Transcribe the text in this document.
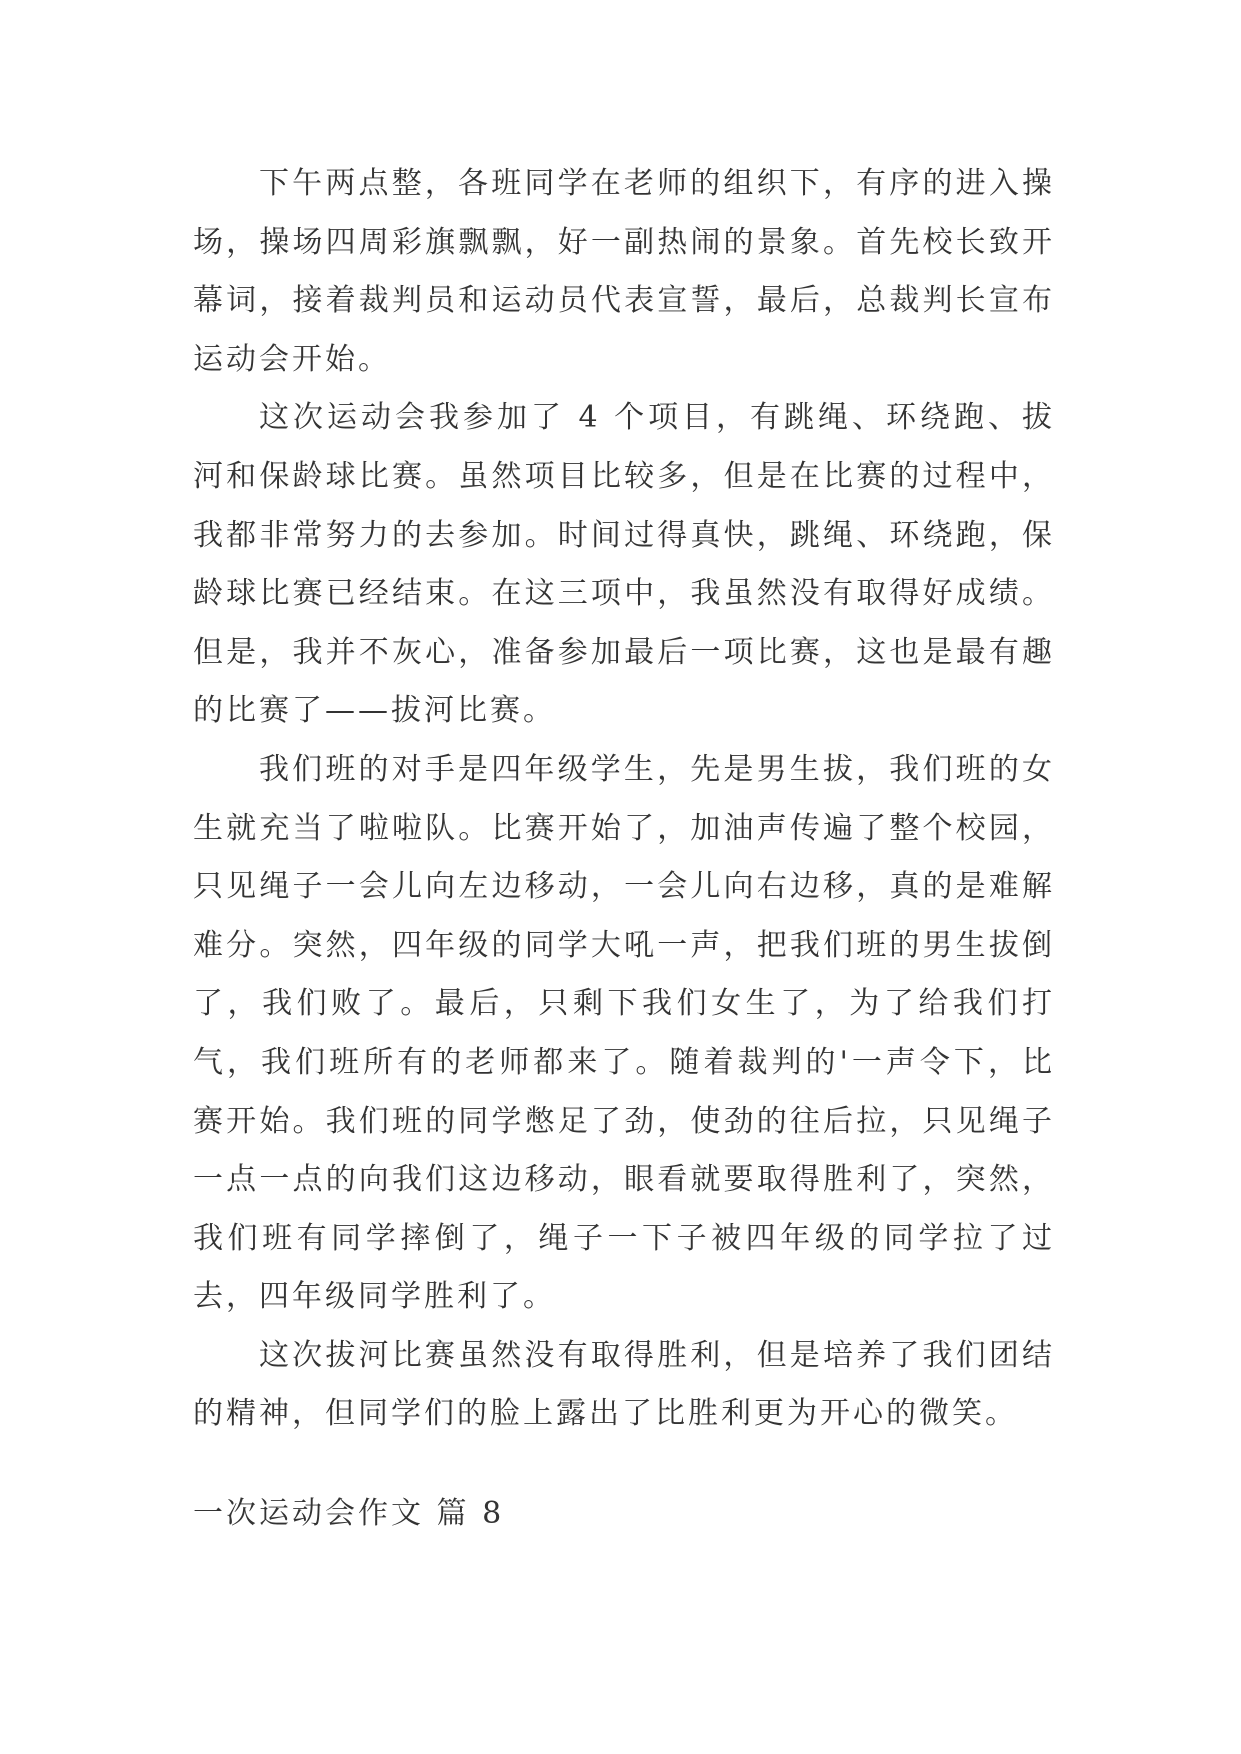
下午两点整，各班同学在老师的组织下，有序的进入操场，操场四周彩旗飘飘，好一副热闹的景象。首先校长致开幕词，接着裁判员和运动员代表宣誓，最后，总裁判长宣布运动会开始。

这次运动会我参加了 4 个项目，有跳绳、环绕跑、拔河和保龄球比赛。虽然项目比较多，但是在比赛的过程中，我都非常努力的去参加。时间过得真快，跳绳、环绕跑，保龄球比赛已经结束。在这三项中，我虽然没有取得好成绩。但是，我并不灰心，准备参加最后一项比赛，这也是最有趣的比赛了——拔河比赛。

我们班的对手是四年级学生，先是男生拔，我们班的女生就充当了啦啦队。比赛开始了，加油声传遍了整个校园，只见绳子一会儿向左边移动，一会儿向右边移，真的是难解难分。突然，四年级的同学大吼一声，把我们班的男生拔倒了，我们败了。最后，只剩下我们女生了，为了给我们打气，我们班所有的老师都来了。随着裁判的'一声令下，比赛开始。我们班的同学憋足了劲，使劲的往后拉，只见绳子一点一点的向我们这边移动，眼看就要取得胜利了，突然，我们班有同学摔倒了，绳子一下子被四年级的同学拉了过去，四年级同学胜利了。

这次拔河比赛虽然没有取得胜利，但是培养了我们团结的精神，但同学们的脸上露出了比胜利更为开心的微笑。

一次运动会作文 篇 8
